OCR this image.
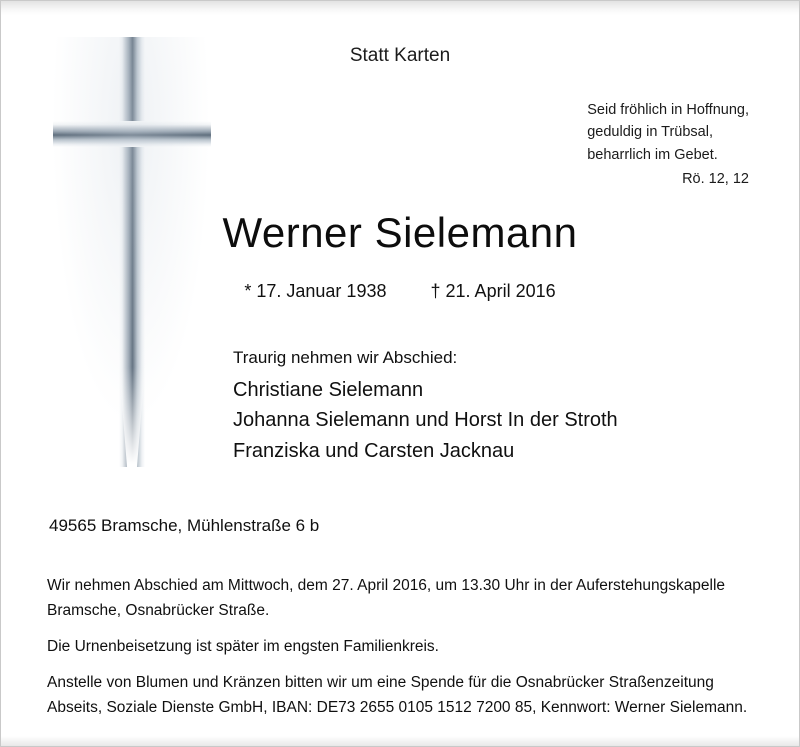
Statt Karten
Seid fröhlich in Hoffnung,
geduldig in Trübsal,
beharrlich im Gebet.
Rö. 12, 12
Werner Sielemann
* 17. Januar 1938 † 21. April 2016
Traurig nehmen wir Abschied:
Christiane Sielemann
Johanna Sielemann und Horst In der Stroth
Franziska und Carsten Jacknau
49565 Bramsche, Mühlenstraße 6 b

Wir nehmen Abschied am Mittwoch, dem 27. April 2016, um 13.30 Uhr in der Auferstehungskapelle Bramsche, Osnabrücker Straße.

Die Urnenbeisetzung ist später im engsten Familienkreis.

Anstelle von Blumen und Kränzen bitten wir um eine Spende für die Osnabrücker Straßenzeitung Abseits, Soziale Dienste GmbH, IBAN: DE73 2655 0105 1512 7200 85, Kennwort: Werner Sielemann.
